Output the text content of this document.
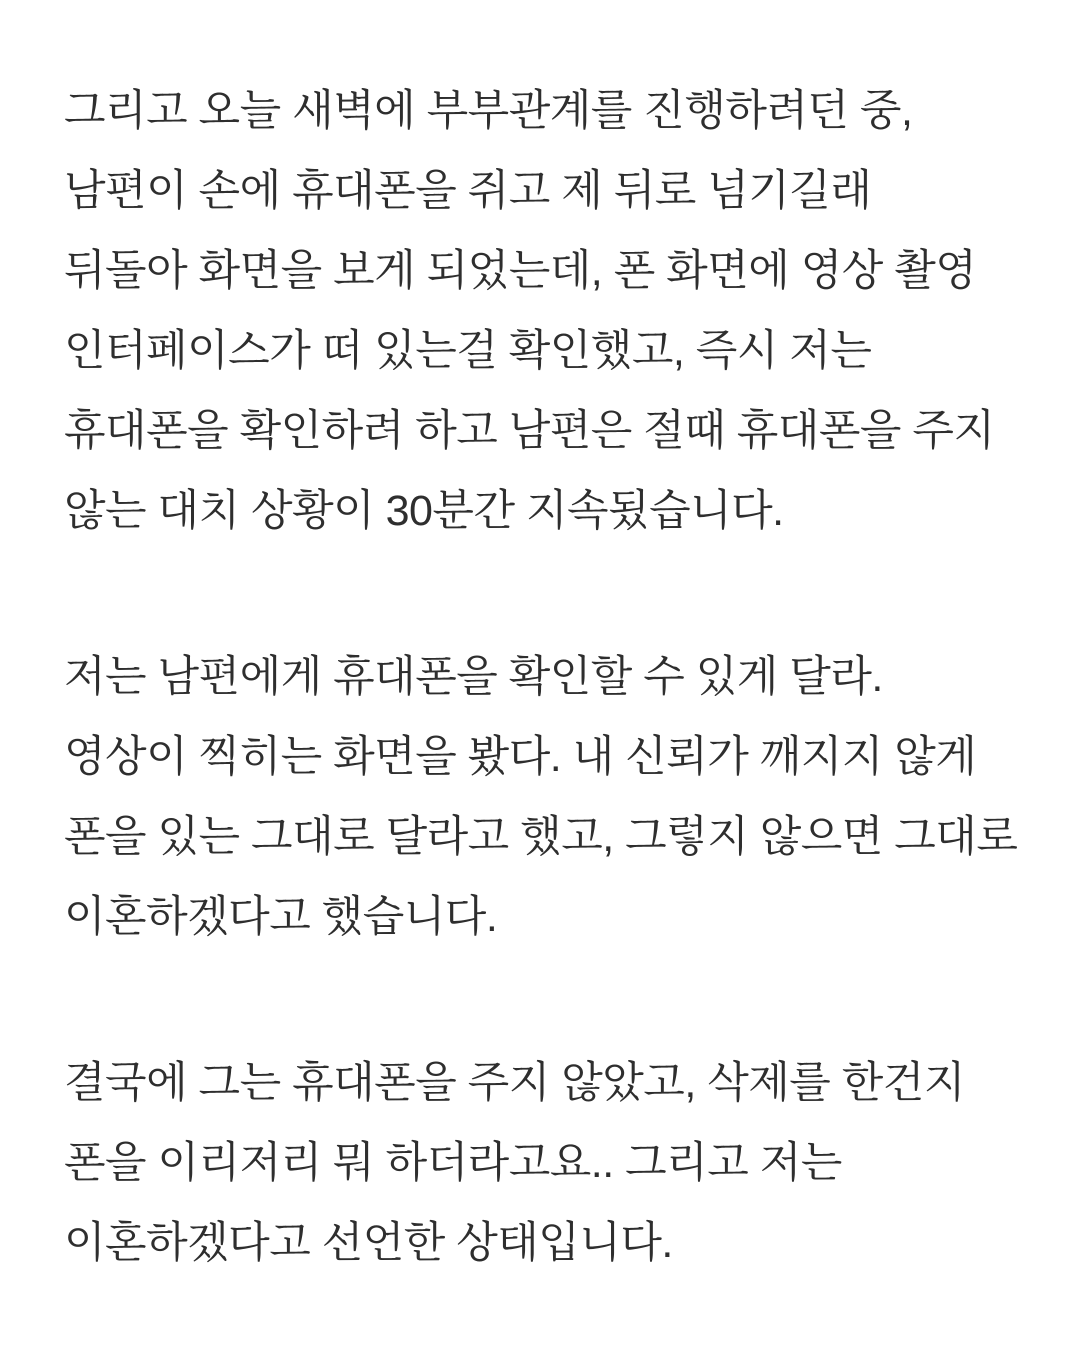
그리고 오늘 새벽에 부부관계를 진행하려던 중,
남편이 손에 휴대폰을 쥐고 제 뒤로 넘기길래
뒤돌아 화면을 보게 되었는데, 폰 화면에 영상 촬영
인터페이스가 떠 있는걸 확인했고, 즉시 저는
휴대폰을 확인하려 하고 남편은 절때 휴대폰을 주지
않는 대치 상황이 30분간 지속됬습니다.
저는 남편에게 휴대폰을 확인할 수 있게 달라.
영상이 찍히는 화면을 봤다. 내 신뢰가 깨지지 않게
폰을 있는 그대로 달라고 했고, 그렇지 않으면 그대로
이혼하겠다고 했습니다.
결국에 그는 휴대폰을 주지 않았고, 삭제를 한건지
폰을 이리저리 뭐 하더라고요.. 그리고 저는
이혼하겠다고 선언한 상태입니다.
